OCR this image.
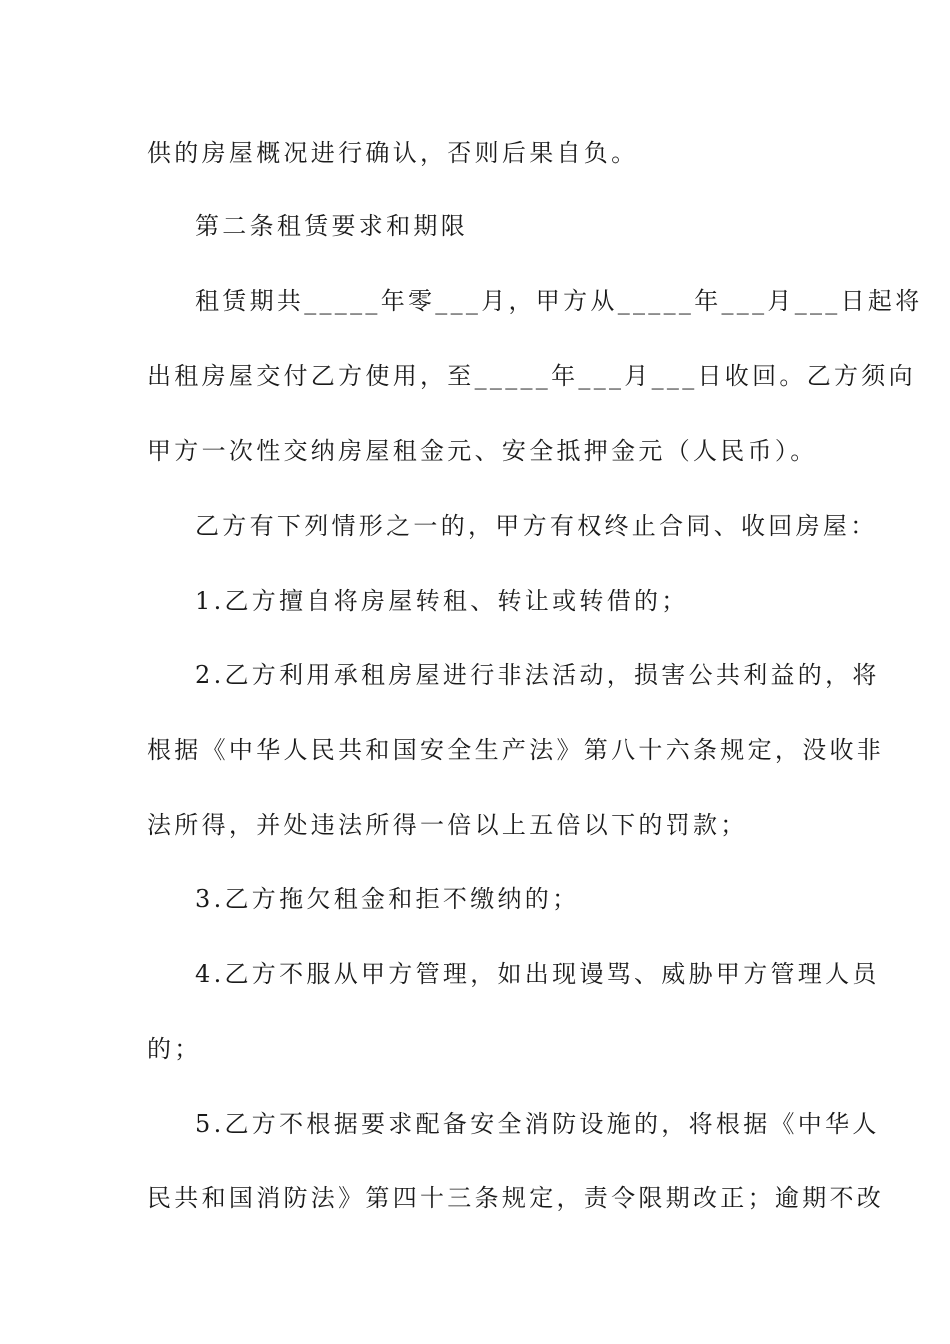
供的房屋概况进行确认，否则后果自负。
第二条租赁要求和期限
租赁期共_____年零___月，甲方从_____年___月___日起将
出租房屋交付乙方使用，至_____年___月___日收回。乙方须向
甲方一次性交纳房屋租金元、安全抵押金元（人民币）。
乙方有下列情形之一的，甲方有权终止合同、收回房屋：
1.乙方擅自将房屋转租、转让或转借的；
2.乙方利用承租房屋进行非法活动，损害公共利益的，将
根据《中华人民共和国安全生产法》第八十六条规定，没收非
法所得，并处违法所得一倍以上五倍以下的罚款；
3.乙方拖欠租金和拒不缴纳的；
4.乙方不服从甲方管理，如出现谩骂、威胁甲方管理人员
的；
5.乙方不根据要求配备安全消防设施的，将根据《中华人
民共和国消防法》第四十三条规定，责令限期改正；逾期不改
